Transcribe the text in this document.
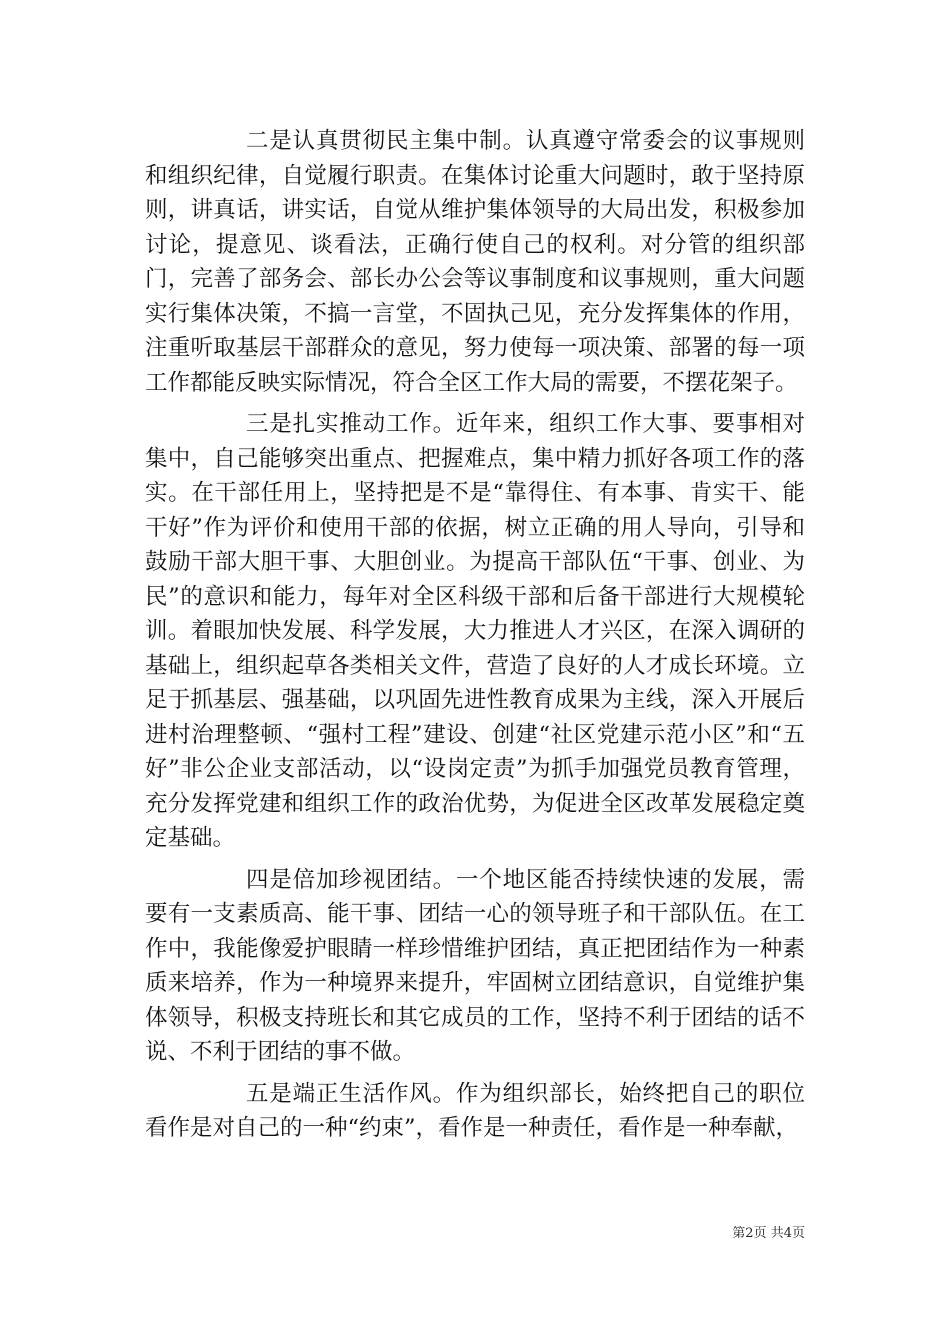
二是认真贯彻民主集中制。认真遵守常委会的议事规则和组织纪律，自觉履行职责。在集体讨论重大问题时，敢于坚持原则，讲真话，讲实话，自觉从维护集体领导的大局出发，积极参加讨论，提意见、谈看法，正确行使自己的权利。对分管的组织部门，完善了部务会、部长办公会等议事制度和议事规则，重大问题实行集体决策，不搞一言堂，不固执己见，充分发挥集体的作用，注重听取基层干部群众的意见，努力使每一项决策、部署的每一项工作都能反映实际情况，符合全区工作大局的需要，不摆花架子。

三是扎实推动工作。近年来，组织工作大事、要事相对集中，自己能够突出重点、把握难点，集中精力抓好各项工作的落实。在干部任用上，坚持把是不是“靠得住、有本事、肯实干、能干好”作为评价和使用干部的依据，树立正确的用人导向，引导和鼓励干部大胆干事、大胆创业。为提高干部队伍“干事、创业、为民”的意识和能力，每年对全区科级干部和后备干部进行大规模轮训。着眼加快发展、科学发展，大力推进人才兴区，在深入调研的基础上，组织起草各类相关文件，营造了良好的人才成长环境。立足于抓基层、强基础，以巩固先进性教育成果为主线，深入开展后进村治理整顿、“强村工程”建设、创建“社区党建示范小区”和“五好”非公企业支部活动，以“设岗定责”为抓手加强党员教育管理，充分发挥党建和组织工作的政治优势，为促进全区改革发展稳定奠定基础。

四是倍加珍视团结。一个地区能否持续快速的发展，需要有一支素质高、能干事、团结一心的领导班子和干部队伍。在工作中，我能像爱护眼睛一样珍惜维护团结，真正把团结作为一种素质来培养，作为一种境界来提升，牢固树立团结意识，自觉维护集体领导，积极支持班长和其它成员的工作，坚持不利于团结的话不说、不利于团结的事不做。

五是端正生活作风。作为组织部长，始终把自己的职位看作是对自己的一种“约束”，看作是一种责任，看作是一种奉献，

第2页 共4页
